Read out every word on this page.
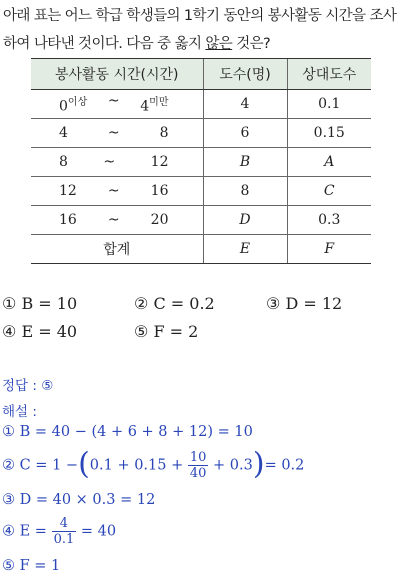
아래 표는 어느 학급 학생들의 1학기 동안의 봉사활동 시간을 조사
하여 나타낸 것이다. 다음 중 옳지 않은 것은?
봉사활동 시간(시간)	도수(명)	상대도수

$0^{이상}$ ~ $4^{미만}$	4	0.1

4 ~ 8	6	0.15

8 ~ 12	B	A

12 ~ 16	8	C

16 ~ 20	D	0.3
합계	E	F
① B = 10	② C = 0.2	③ D = 12
④ E = 40	⑤ F = 2
정답 : ⑤
해설 :
① B = 40 − (4 + 6 + 8 + 12) = 10
② $C = 1 -(0.1 + 0.15 + \frac{10}{40} + 0.3)= 0.2$
③ D = 40 × 0.3 = 12
④ $E = \frac{4}{0.1} = 40$
⑤ F = 1
